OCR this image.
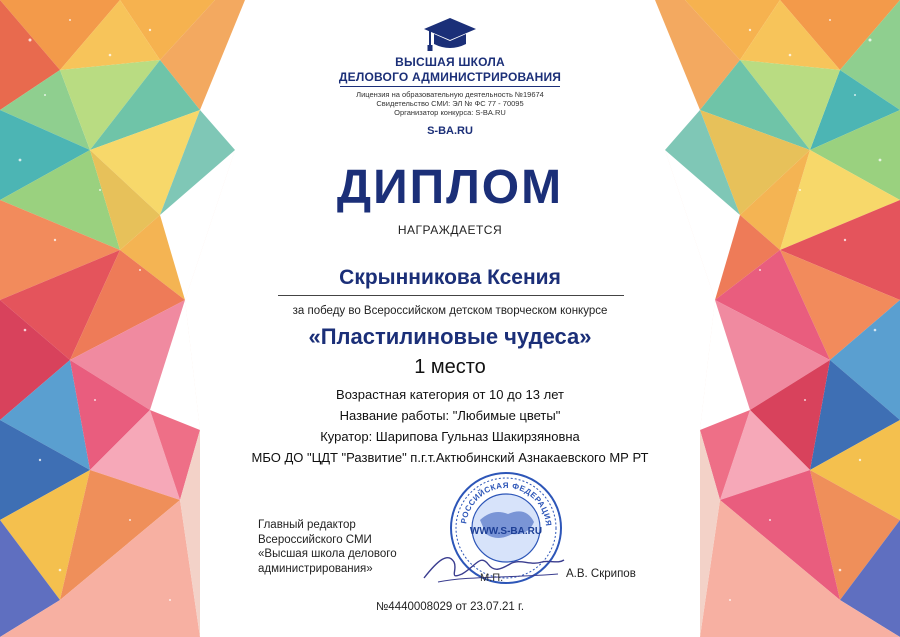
ВЫСШАЯ ШКОЛА
ДЕЛОВОГО АДМИНИСТРИРОВАНИЯ
Лицензия на образовательную деятельность №19674
Свидетельство СМИ: ЭЛ № ФС 77 - 70095
Организатор конкурса: S-BA.RU
S-BA.RU
ДИПЛОМ
НАГРАЖДАЕТСЯ
Скрынникова Ксения
за победу во Всероссийском детском творческом конкурсе
«Пластилиновые чудеса»
1 место
Возрастная категория от 10 до 13 лет
Название работы: "Любимые цветы"
Куратор: Шарипова Гульназ Шакирзяновна
МБО ДО "ЦДТ "Развитие" п.г.т.Актюбинский Азнакаевского МР РТ
Главный редактор
Всероссийского СМИ
«Высшая школа делового
администрирования»
РОССИЙСКАЯ ФЕДЕРАЦИЯ
WWW.S-BA.RU
М.П.	А.В. Скрипов
№4440008029 от 23.07.21 г.
